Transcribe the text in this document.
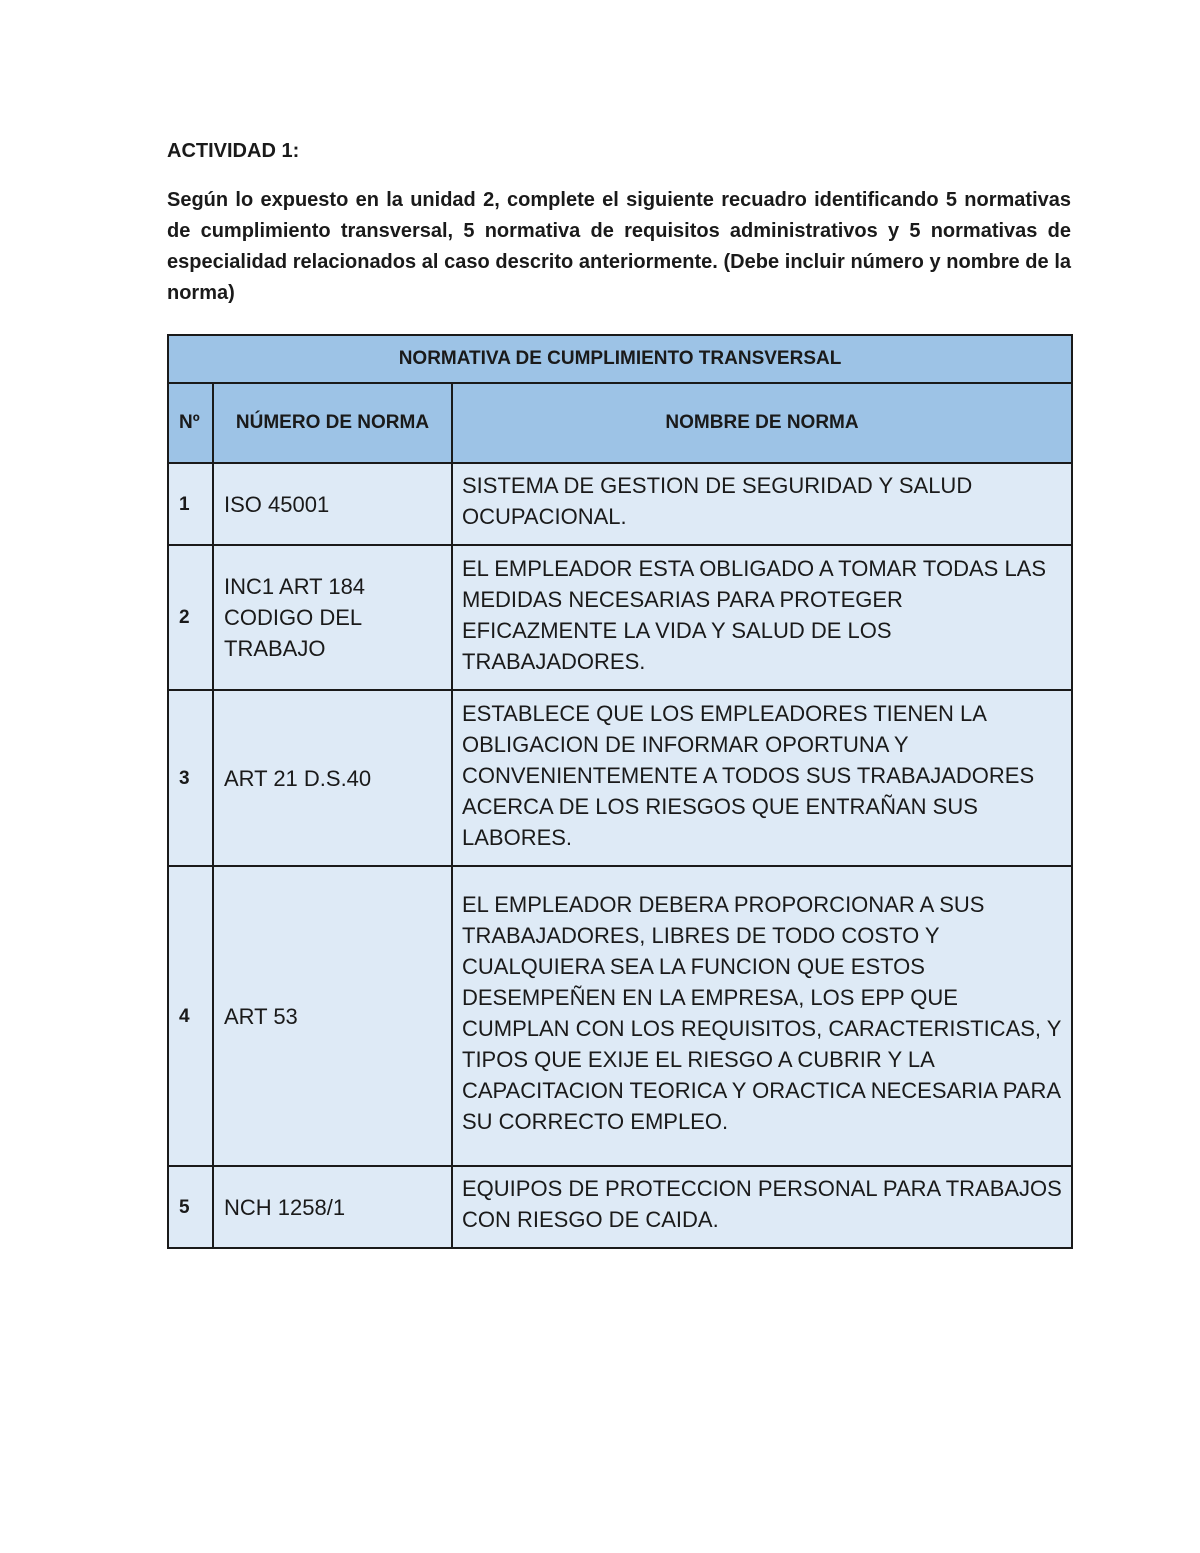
ACTIVIDAD 1:

Según lo expuesto en la unidad 2, complete el siguiente recuadro identificando 5 normativas de cumplimiento transversal, 5 normativa de requisitos administrativos y 5 normativas de especialidad relacionados al caso descrito anteriormente. (Debe incluir número y nombre de la norma)

NORMATIVA DE CUMPLIMIENTO TRANSVERSAL		
Nº	NÚMERO DE NORMA	NOMBRE DE NORMA
1	ISO 45001	SISTEMA DE GESTION DE SEGURIDAD Y SALUD OCUPACIONAL.
2	INC1 ART 184 CODIGO DEL TRABAJO	EL EMPLEADOR ESTA OBLIGADO A TOMAR TODAS LAS MEDIDAS NECESARIAS PARA PROTEGER EFICAZMENTE LA VIDA Y SALUD DE LOS TRABAJADORES.
3	ART 21 D.S.40	ESTABLECE QUE LOS EMPLEADORES TIENEN LA OBLIGACION DE INFORMAR OPORTUNA Y CONVENIENTEMENTE A TODOS SUS TRABAJADORES ACERCA DE LOS RIESGOS QUE ENTRAÑAN SUS LABORES.
4	ART 53	EL EMPLEADOR DEBERA PROPORCIONAR A SUS TRABAJADORES, LIBRES DE TODO COSTO Y CUALQUIERA SEA LA FUNCION QUE ESTOS DESEMPEÑEN EN LA EMPRESA, LOS EPP QUE CUMPLAN CON LOS REQUISITOS, CARACTERISTICAS, Y TIPOS QUE EXIJE EL RIESGO A CUBRIR Y LA CAPACITACION TEORICA Y ORACTICA NECESARIA PARA SU CORRECTO EMPLEO.
5	NCH 1258/1	EQUIPOS DE PROTECCION PERSONAL PARA TRABAJOS CON RIESGO DE CAIDA.
